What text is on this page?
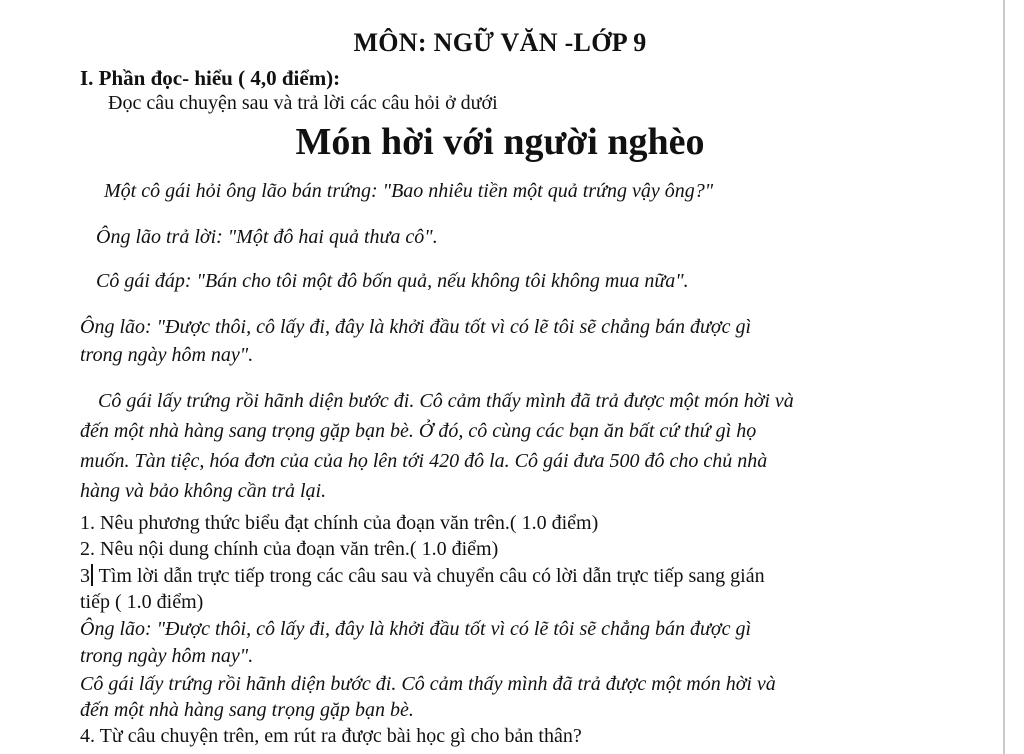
MÔN: NGỮ VĂN -LỚP 9
I. Phần đọc- hiểu ( 4,0 điểm):
Đọc câu chuyện sau và trả lời các câu hỏi ở dưới
Món hời với người nghèo
Một cô gái hỏi ông lão bán trứng: "Bao nhiêu tiền một quả trứng vậy ông?"
Ông lão trả lời: "Một đô hai quả thưa cô".
Cô gái đáp: "Bán cho tôi một đô bốn quả, nếu không tôi không mua nữa".
Ông lão: "Được thôi, cô lấy đi, đây là khởi đầu tốt vì có lẽ tôi sẽ chẳng bán được gì
trong ngày hôm nay".
Cô gái lấy trứng rồi hãnh diện bước đi. Cô cảm thấy mình đã trả được một món hời và
đến một nhà hàng sang trọng gặp bạn bè. Ở đó, cô cùng các bạn ăn bất cứ thứ gì họ
muốn. Tàn tiệc, hóa đơn của của họ lên tới 420 đô la. Cô gái đưa 500 đô cho chủ nhà
hàng và bảo không cần trả lại.
1. Nêu phương thức biểu đạt chính của đoạn văn trên.( 1.0 điểm)
2. Nêu nội dung chính của đoạn văn trên.( 1.0 điểm)
3 Tìm lời dẫn trực tiếp trong các câu sau và chuyển câu có lời dẫn trực tiếp sang gián
tiếp ( 1.0 điểm)
Ông lão: "Được thôi, cô lấy đi, đây là khởi đầu tốt vì có lẽ tôi sẽ chẳng bán được gì
trong ngày hôm nay".
Cô gái lấy trứng rồi hãnh diện bước đi. Cô cảm thấy mình đã trả được một món hời và
đến một nhà hàng sang trọng gặp bạn bè.
4. Từ câu chuyện trên, em rút ra được bài học gì cho bản thân?
